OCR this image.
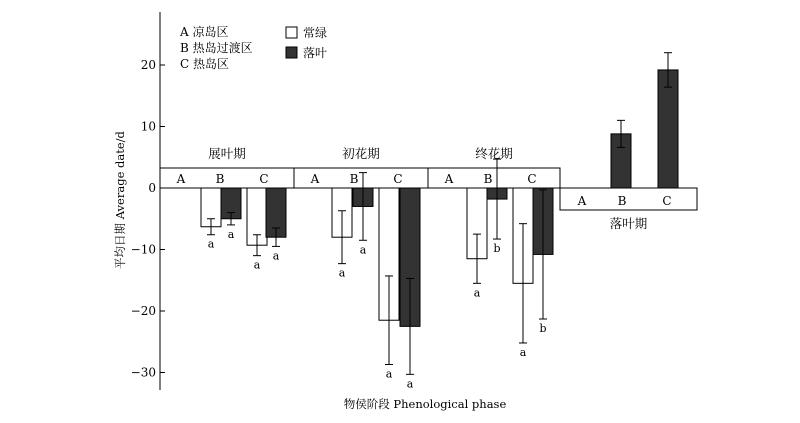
20
10
0
−10
−20
−30
展叶期
A	B	C
初花期
A	B	C
终花期
A	B	C
落叶期
A	B	C
a
a
a
a
a
a
a
a
a
b
a
b
A 凉岛区
B 热岛过渡区
C 热岛区
常绿
落叶
平均日期 Average date/d
物侯阶段 Phenological phase
